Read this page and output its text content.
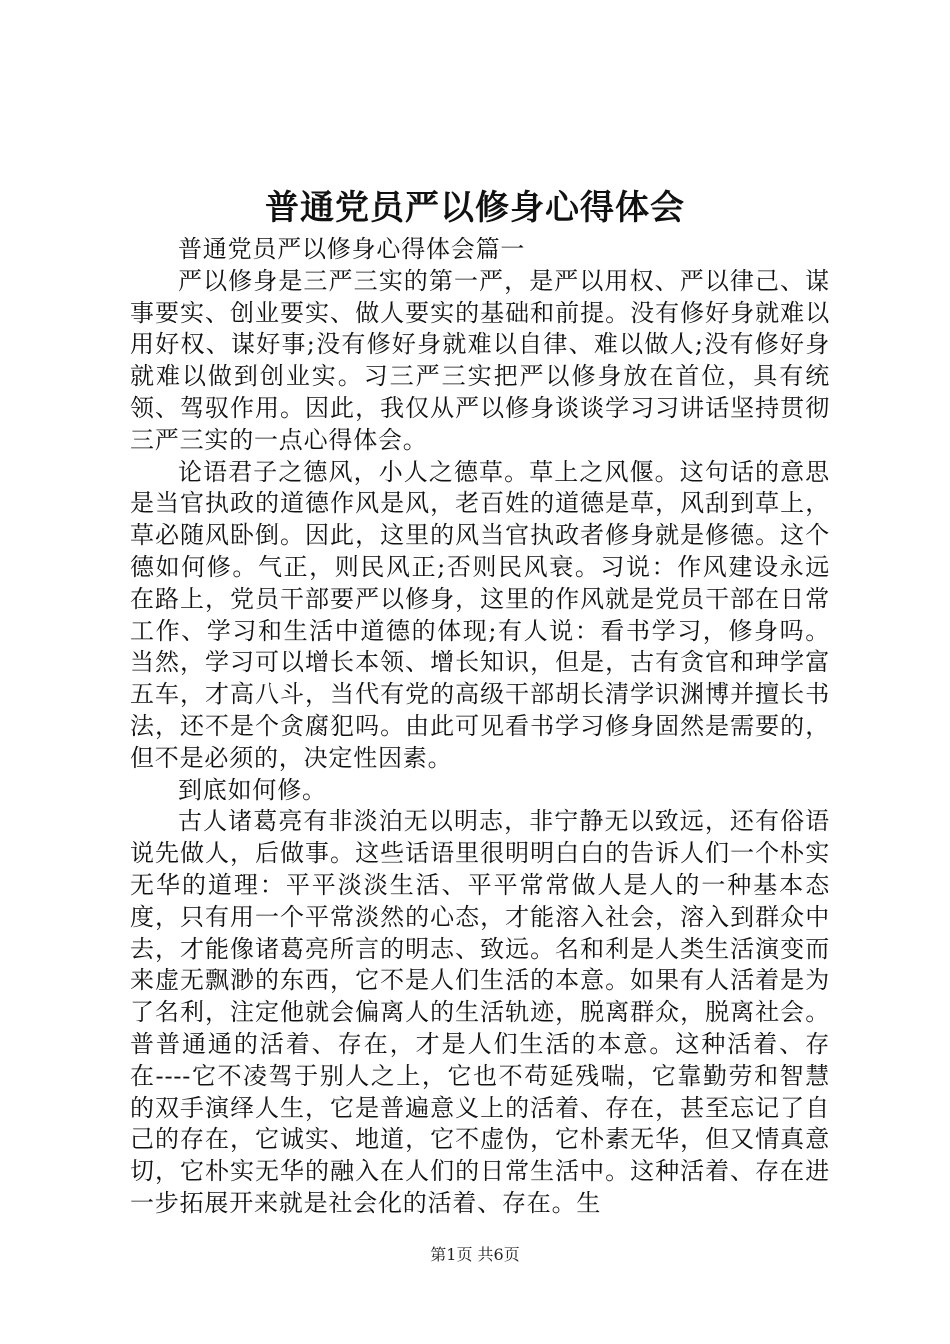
普通党员严以修身心得体会

普通党员严以修身心得体会篇一

严以修身是三严三实的第一严，是严以用权、严以律己、谋事要实、创业要实、做人要实的基础和前提。没有修好身就难以用好权、谋好事;没有修好身就难以自律、难以做人;没有修好身就难以做到创业实。习三严三实把严以修身放在首位，具有统领、驾驭作用。因此，我仅从严以修身谈谈学习习讲话坚持贯彻三严三实的一点心得体会。

论语君子之德风，小人之德草。草上之风偃。这句话的意思是当官执政的道德作风是风，老百姓的道德是草，风刮到草上，草必随风卧倒。因此，这里的风当官执政者修身就是修德。这个德如何修。气正，则民风正;否则民风衰。习说：作风建设永远在路上，党员干部要严以修身，这里的作风就是党员干部在日常工作、学习和生活中道德的体现;有人说：看书学习，修身吗。当然，学习可以增长本领、增长知识，但是，古有贪官和珅学富五车，才高八斗，当代有党的高级干部胡长清学识渊博并擅长书法，还不是个贪腐犯吗。由此可见看书学习修身固然是需要的，但不是必须的，决定性因素。

到底如何修。

古人诸葛亮有非淡泊无以明志，非宁静无以致远，还有俗语说先做人，后做事。这些话语里很明明白白的告诉人们一个朴实无华的道理：平平淡淡生活、平平常常做人是人的一种基本态度，只有用一个平常淡然的心态，才能溶入社会，溶入到群众中去，才能像诸葛亮所言的明志、致远。名和利是人类生活演变而来虚无飘渺的东西，它不是人们生活的本意。如果有人活着是为了名利，注定他就会偏离人的生活轨迹，脱离群众，脱离社会。普普通通的活着、存在，才是人们生活的本意。这种活着、存在----它不凌驾于别人之上，它也不苟延残喘，它靠勤劳和智慧的双手演绎人生，它是普遍意义上的活着、存在，甚至忘记了自己的存在，它诚实、地道，它不虚伪，它朴素无华，但又情真意切，它朴实无华的融入在人们的日常生活中。这种活着、存在进一步拓展开来就是社会化的活着、存在。生

第1页 共6页
